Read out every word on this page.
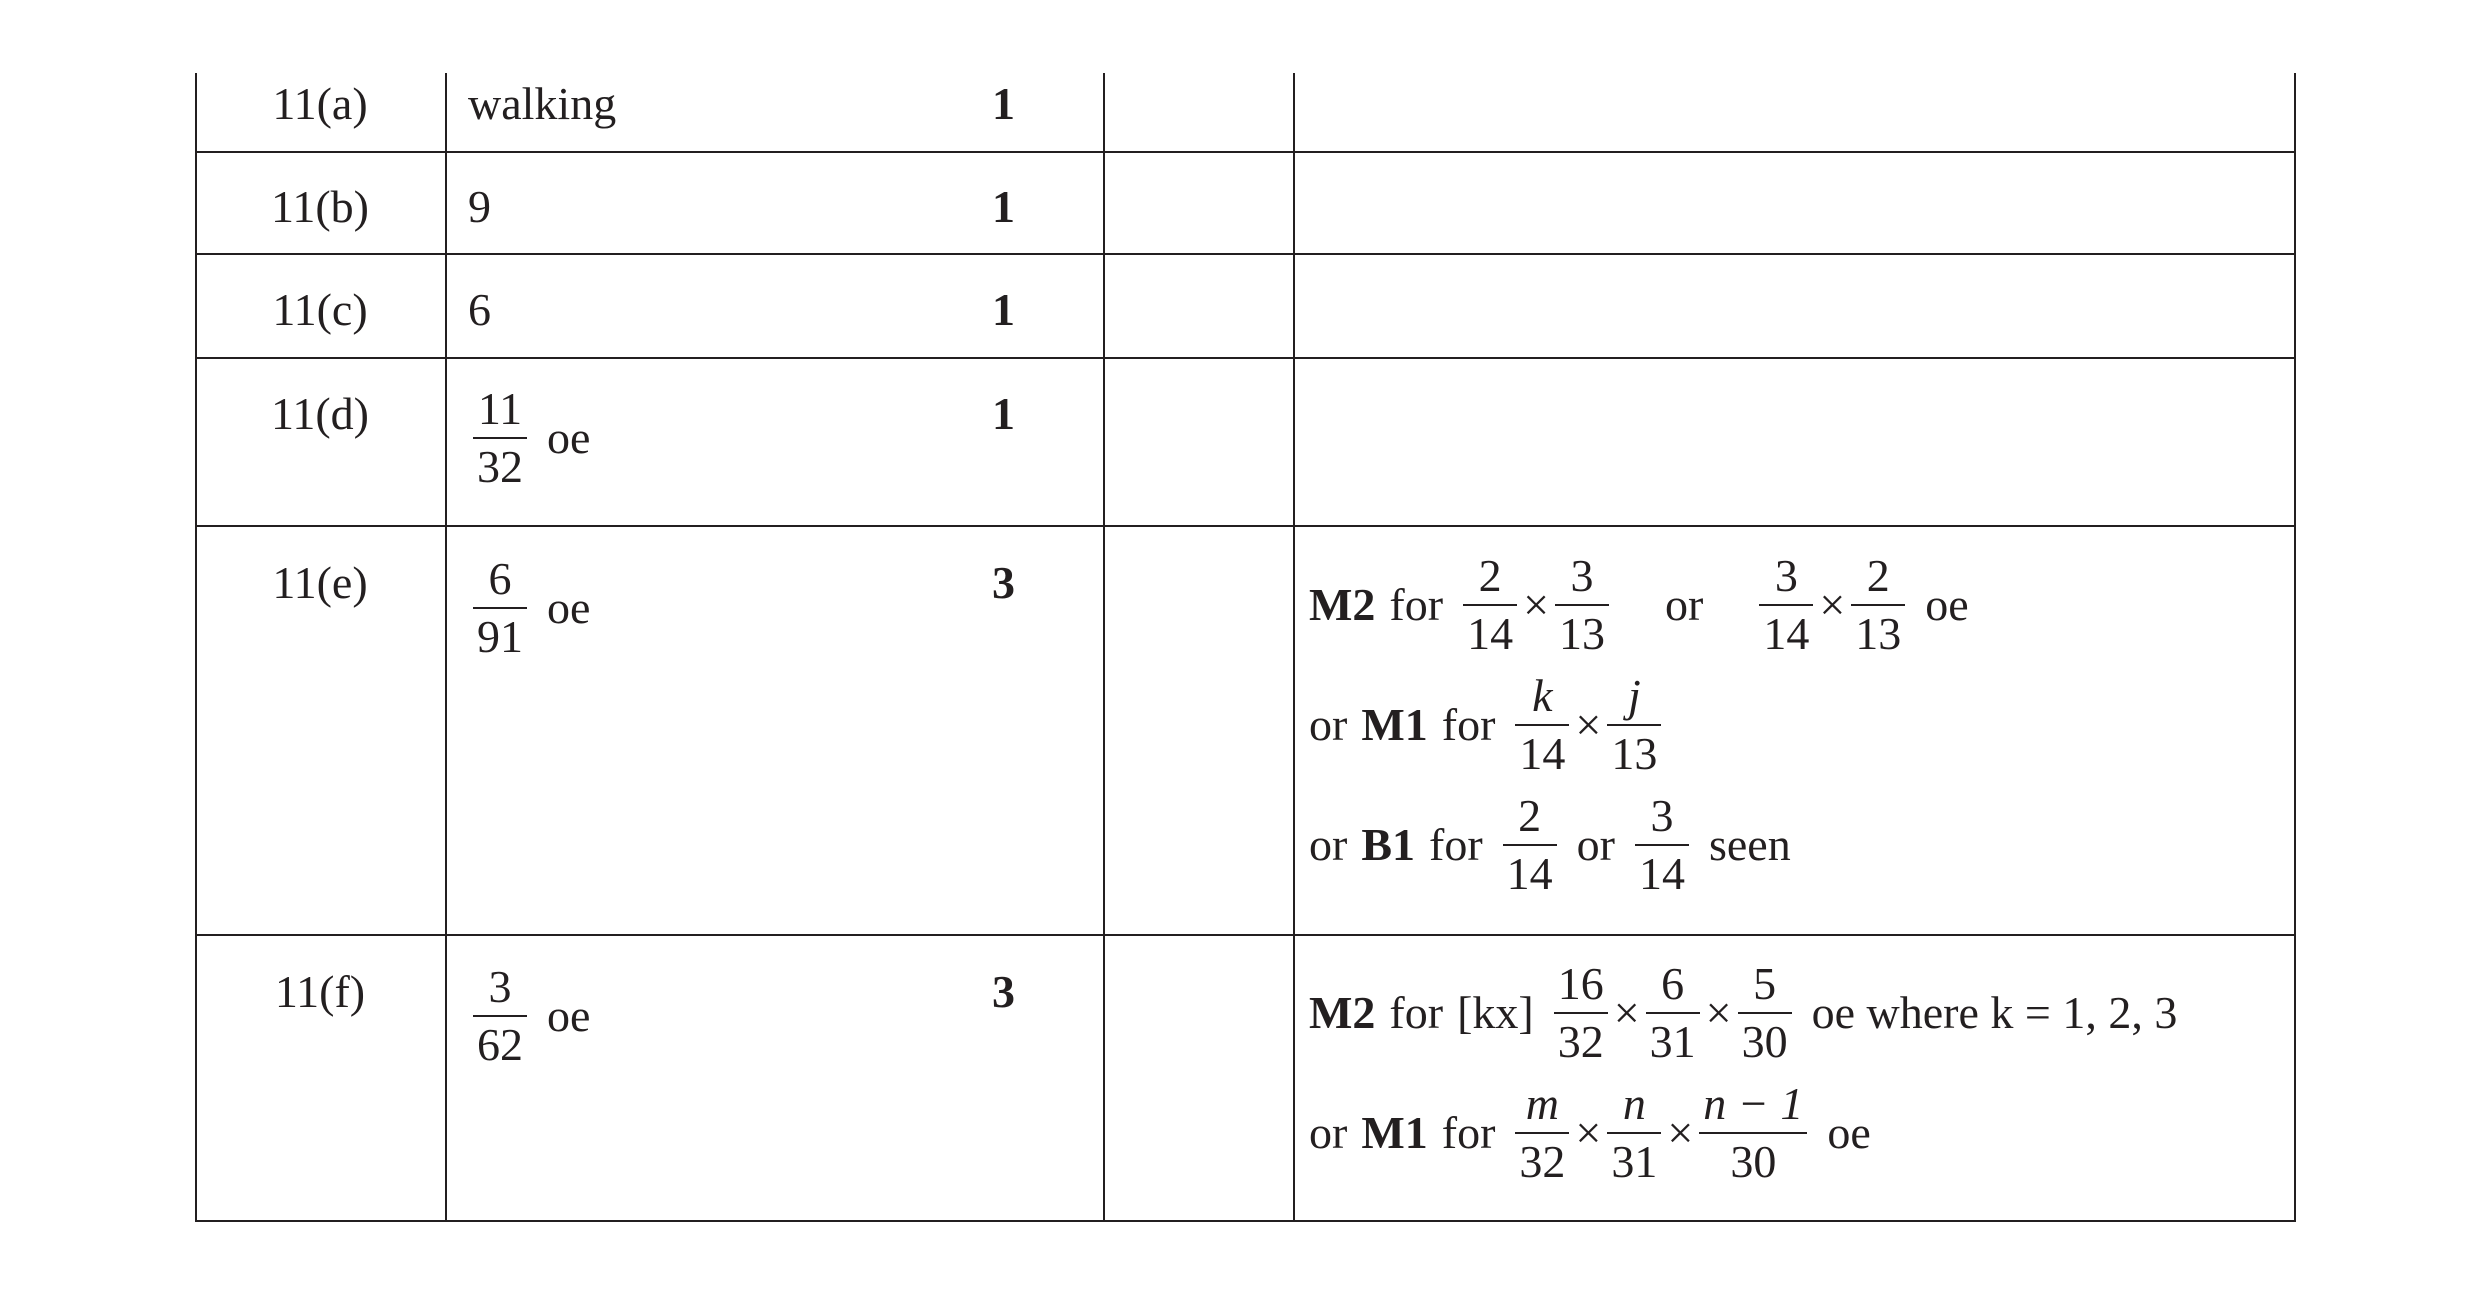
11(a)	walking	1
11(b)	9	1
11(c)	6	1
11(d)	$\frac{11}{32}$ oe	1
11(e)	$\frac{6}{91}$ oe	3	M2 for $\frac{2}{14} \times \frac{3}{13}$ or $\frac{3}{14} \times \frac{2}{13}$ oe
or M1 for $\frac{k}{14} \times \frac{j}{13}$
or B1 for $\frac{2}{14}$ or $\frac{3}{14}$ seen
11(f)	$\frac{3}{62}$ oe	3	M2 for $[kx] \frac{16}{32} \times \frac{6}{31} \times \frac{5}{30}$ oe where k = 1, 2, 3
or M1 for $\frac{m}{32} \times \frac{n}{31} \times \frac{n - 1}{30}$ oe
